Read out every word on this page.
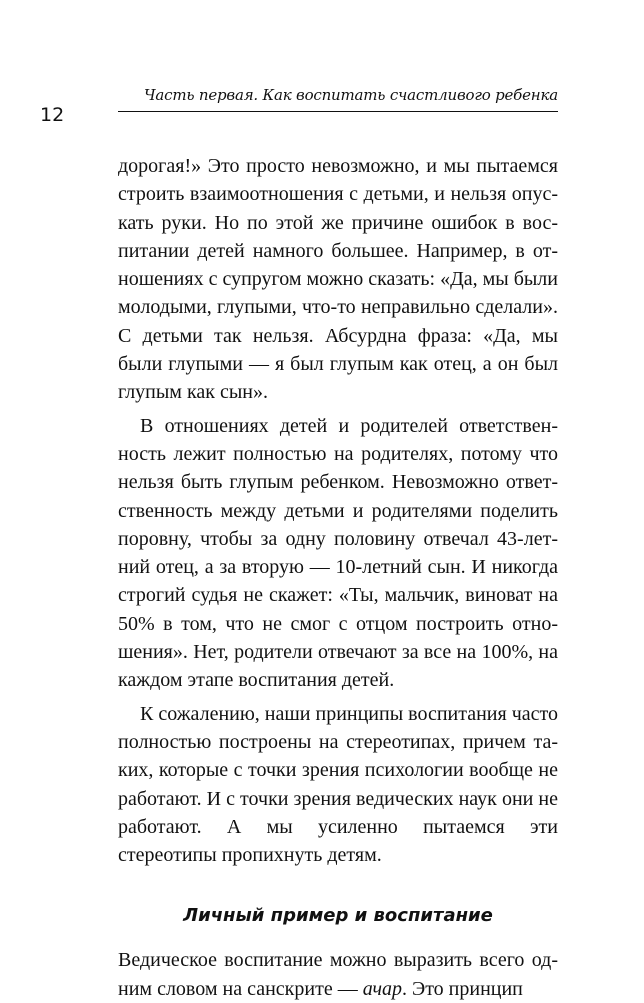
Часть первая. Как воспитать счастливого ребенка
12

дорогая!» Это просто невозможно, и мы пытаемся строить взаимоотношения с детьми, и нельзя опускать руки. Но по этой же причине ошибок в воспитании детей намного большее. Например, в отношениях с супругом можно сказать: «Да, мы были молодыми, глупыми, что-то неправильно сделали». С детьми так нельзя. Абсурдна фраза: «Да, мы были глупыми — я был глупым как отец, а он был глупым как сын».

В отношениях детей и родителей ответственность лежит полностью на родителях, потому что нельзя быть глупым ребенком. Невозможно ответственность между детьми и родителями поделить поровну, чтобы за одну половину отвечал 43-летний отец, а за вторую — 10-летний сын. И никогда строгий судья не скажет: «Ты, мальчик, виноват на 50% в том, что не смог с отцом построить отношения». Нет, родители отвечают за все на 100%, на каждом этапе воспитания детей.

К сожалению, наши принципы воспитания часто полностью построены на стереотипах, причем таких, которые с точки зрения психологии вообще не работают. И с точки зрения ведических наук они не работают. А мы усиленно пытаемся эти стереотипы пропихнуть детям.

Личный пример и воспитание

Ведическое воспитание можно выразить всего одним словом на санскрите — ачар. Это принцип
